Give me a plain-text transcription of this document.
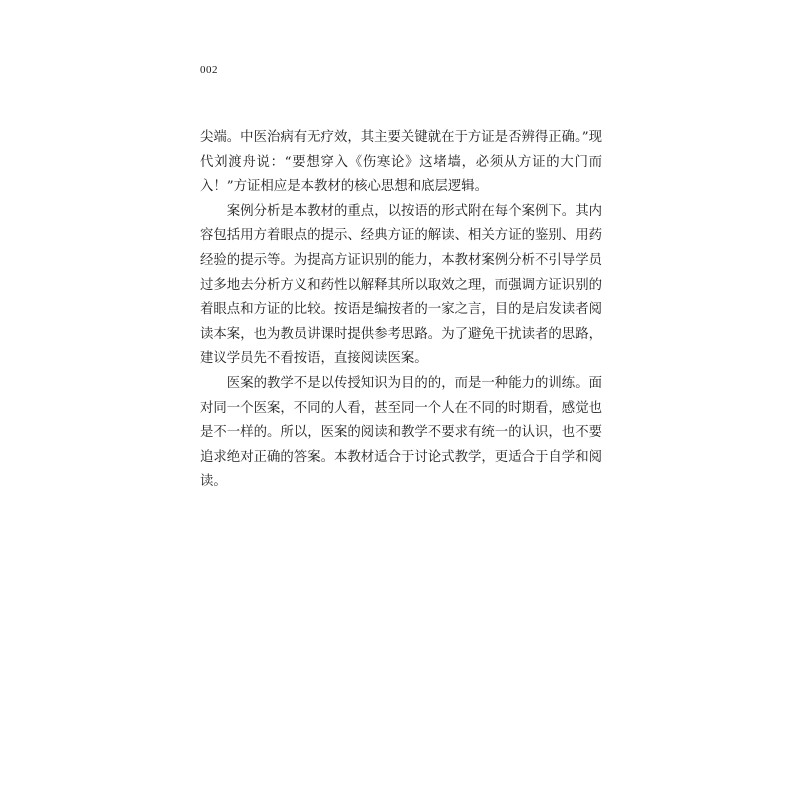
002

尖端。中医治病有无疗效，其主要关键就在于方证是否辨得正确。”现代刘渡舟说：“要想穿入《伤寒论》这堵墙，必须从方证的大门而入！”方证相应是本教材的核心思想和底层逻辑。

案例分析是本教材的重点，以按语的形式附在每个案例下。其内容包括用方着眼点的提示、经典方证的解读、相关方证的鉴别、用药经验的提示等。为提高方证识别的能力，本教材案例分析不引导学员过多地去分析方义和药性以解释其所以取效之理，而强调方证识别的着眼点和方证的比较。按语是编按者的一家之言，目的是启发读者阅读本案，也为教员讲课时提供参考思路。为了避免干扰读者的思路，建议学员先不看按语，直接阅读医案。

医案的教学不是以传授知识为目的的，而是一种能力的训练。面对同一个医案，不同的人看，甚至同一个人在不同的时期看，感觉也是不一样的。所以，医案的阅读和教学不要求有统一的认识，也不要追求绝对正确的答案。本教材适合于讨论式教学，更适合于自学和阅读。
